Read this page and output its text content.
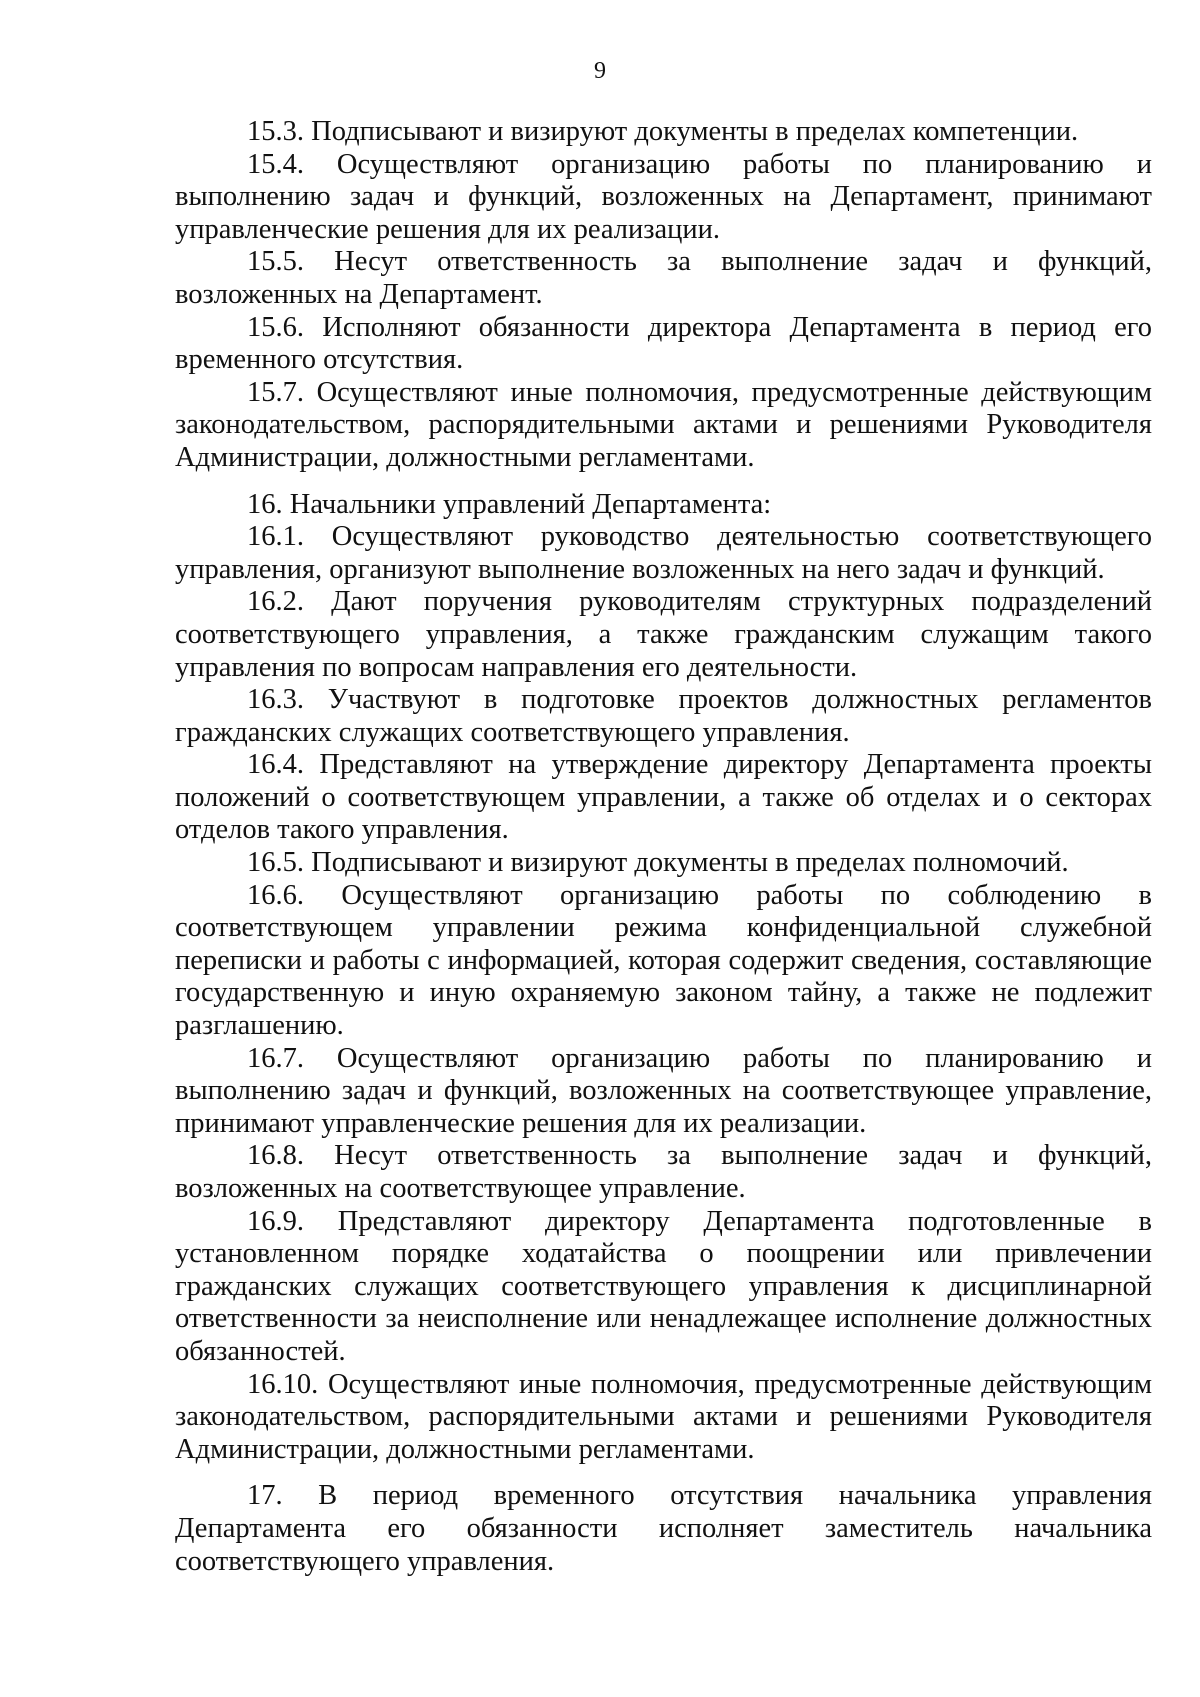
9

15.3. Подписывают и визируют документы в пределах компетенции.

15.4. Осуществляют организацию работы по планированию и выполнению задач и функций, возложенных на Департамент, принимают управленческие решения для их реализации.

15.5. Несут ответственность за выполнение задач и функций, возложенных на Департамент.

15.6. Исполняют обязанности директора Департамента в период его временного отсутствия.

15.7. Осуществляют иные полномочия, предусмотренные действующим законодательством, распорядительными актами и решениями Руководителя Администрации, должностными регламентами.

16. Начальники управлений Департамента:

16.1. Осуществляют руководство деятельностью соответствующего управления, организуют выполнение возложенных на него задач и функций.

16.2. Дают поручения руководителям структурных подразделений соответствующего управления, а также гражданским служащим такого управления по вопросам направления его деятельности.

16.3. Участвуют в подготовке проектов должностных регламентов гражданских служащих соответствующего управления.

16.4. Представляют на утверждение директору Департамента проекты положений о соответствующем управлении, а также об отделах и о секторах отделов такого управления.

16.5. Подписывают и визируют документы в пределах полномочий.

16.6. Осуществляют организацию работы по соблюдению в соответствующем управлении режима конфиденциальной служебной переписки и работы с информацией, которая содержит сведения, составляющие государственную и иную охраняемую законом тайну, а также не подлежит разглашению.

16.7. Осуществляют организацию работы по планированию и выполнению задач и функций, возложенных на соответствующее управление, принимают управленческие решения для их реализации.

16.8. Несут ответственность за выполнение задач и функций, возложенных на соответствующее управление.

16.9. Представляют директору Департамента подготовленные в установленном порядке ходатайства о поощрении или привлечении гражданских служащих соответствующего управления к дисциплинарной ответственности за неисполнение или ненадлежащее исполнение должностных обязанностей.

16.10. Осуществляют иные полномочия, предусмотренные действующим законодательством, распорядительными актами и решениями Руководителя Администрации, должностными регламентами.

17. В период временного отсутствия начальника управления Департамента его обязанности исполняет заместитель начальника соответствующего управления.
